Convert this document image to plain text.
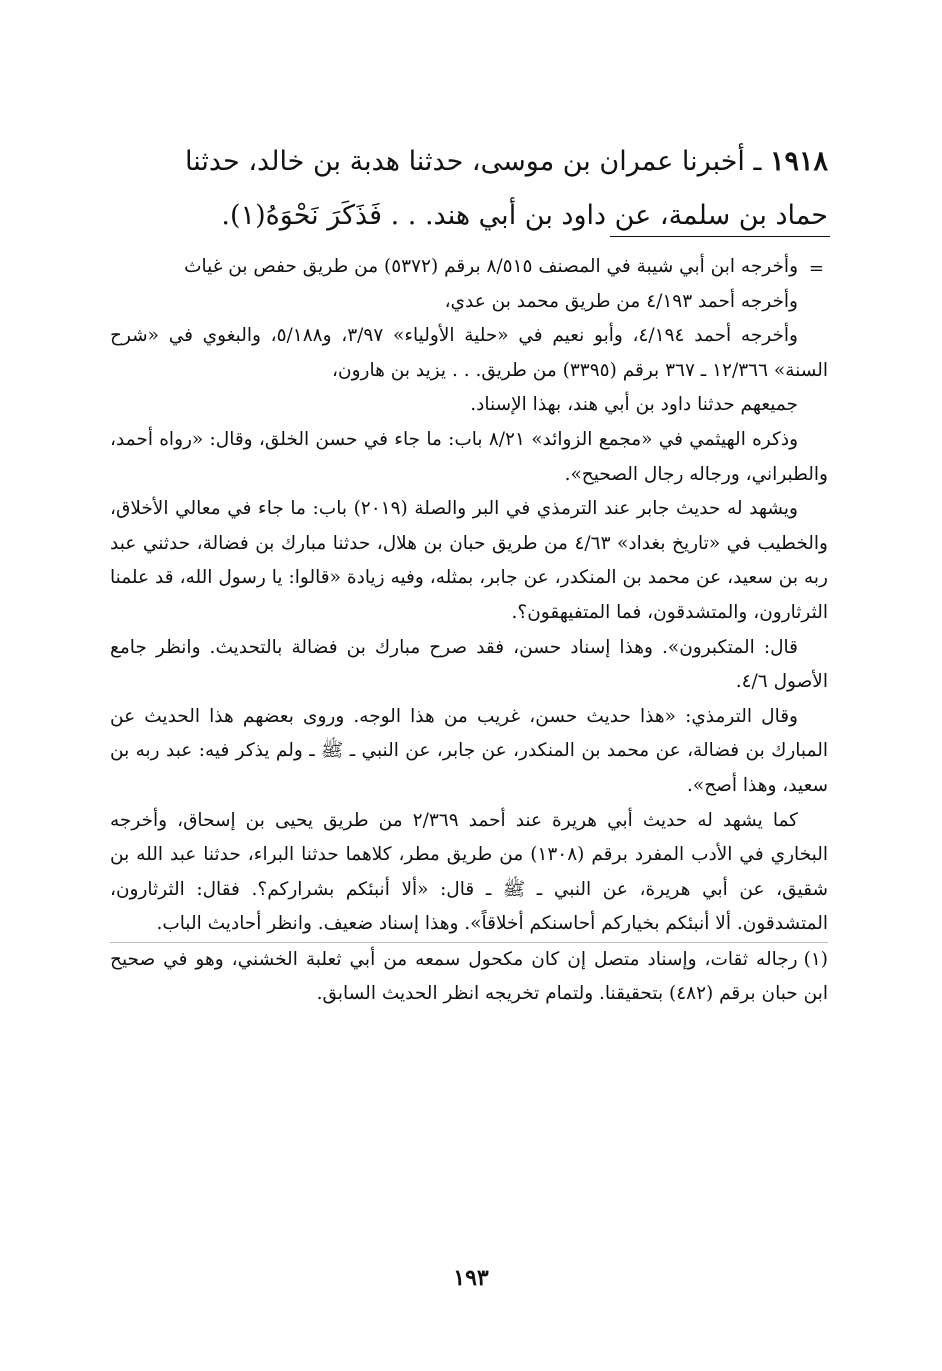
١٩١٨ ـ أخبرنا عمران بن موسى، حدثنا هدبة بن خالد، حدثنا
حماد بن سلمة، عن داود بن أبي هند. . . فَذَكَرَ نَحْوَهُ(١).
=

وأخرجه ابن أبي شيبة في المصنف ٨/٥١٥ برقم (٥٣٧٢) من طريق حفص بن غياث

وأخرجه أحمد ٤/١٩٣ من طريق محمد بن عدي،

وأخرجه أحمد ٤/١٩٤، وأبو نعيم في «حلية الأولياء» ٣/٩٧، و٥/١٨٨، والبغوي في «شرح السنة» ١٢/٣٦٦ ـ ٣٦٧ برقم (٣٣٩٥) من طريق. . . يزيد بن هارون،

جميعهم حدثنا داود بن أبي هند، بهذا الإسناد.

وذكره الهيثمي في «مجمع الزوائد» ٨/٢١ باب: ما جاء في حسن الخلق، وقال: «رواه أحمد، والطبراني، ورجاله رجال الصحيح».

ويشهد له حديث جابر عند الترمذي في البر والصلة (٢٠١٩) باب: ما جاء في معالي الأخلاق، والخطيب في «تاريخ بغداد» ٤/٦٣ من طريق حبان بن هلال، حدثنا مبارك بن فضالة، حدثني عبد ربه بن سعيد، عن محمد بن المنكدر، عن جابر، بمثله، وفيه زيادة «قالوا: يا رسول الله، قد علمنا الثرثارون، والمتشدقون، فما المتفيهقون؟.

قال: المتكبرون». وهذا إسناد حسن، فقد صرح مبارك بن فضالة بالتحديث. وانظر جامع الأصول ٤/٦.

وقال الترمذي: «هذا حديث حسن، غريب من هذا الوجه. وروى بعضهم هذا الحديث عن المبارك بن فضالة، عن محمد بن المنكدر، عن جابر، عن النبي ـ ﷺ ـ ولم يذكر فيه: عبد ربه بن سعيد، وهذا أصح».

كما يشهد له حديث أبي هريرة عند أحمد ٢/٣٦٩ من طريق يحيى بن إسحاق، وأخرجه البخاري في الأدب المفرد برقم (١٣٠٨) من طريق مطر، كلاهما حدثنا البراء، حدثنا عبد الله بن شقيق، عن أبي هريرة، عن النبي ـ ﷺ ـ قال: «ألا أنبئكم بشراركم؟. فقال: الثرثارون، المتشدقون. ألا أنبئكم بخياركم أحاسنكم أخلاقاً». وهذا إسناد ضعيف. وانظر أحاديث الباب.

(١)رجاله ثقات، وإسناد متصل إن كان مكحول سمعه من أبي ثعلبة الخشني، وهو في صحيح ابن حبان برقم (٤٨٢) بتحقيقنا. ولتمام تخريجه انظر الحديث السابق.

١٩٣
